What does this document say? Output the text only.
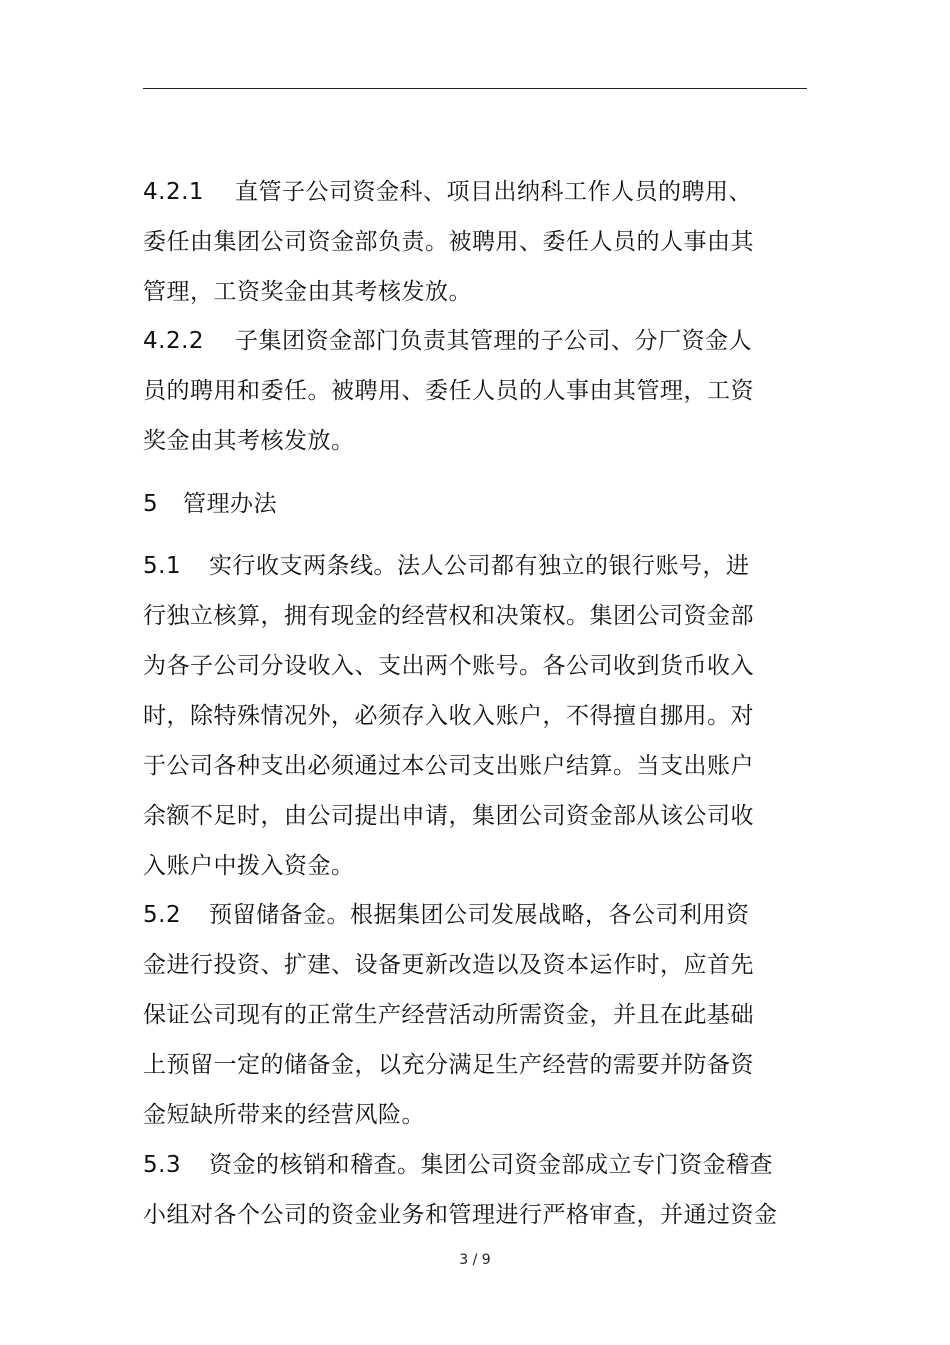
4.2.1 直管子公司资金科、项目出纳科工作人员的聘用、
委任由集团公司资金部负责。被聘用、委任人员的人事由其
管理，工资奖金由其考核发放。
4.2.2 子集团资金部门负责其管理的子公司、分厂资金人
员的聘用和委任。被聘用、委任人员的人事由其管理，工资
奖金由其考核发放。
5 管理办法
5.1 实行收支两条线。法人公司都有独立的银行账号，进
行独立核算，拥有现金的经营权和决策权。集团公司资金部
为各子公司分设收入、支出两个账号。各公司收到货币收入
时，除特殊情况外，必须存入收入账户，不得擅自挪用。对
于公司各种支出必须通过本公司支出账户结算。当支出账户
余额不足时，由公司提出申请，集团公司资金部从该公司收
入账户中拨入资金。
5.2 预留储备金。根据集团公司发展战略，各公司利用资
金进行投资、扩建、设备更新改造以及资本运作时，应首先
保证公司现有的正常生产经营活动所需资金，并且在此基础
上预留一定的储备金，以充分满足生产经营的需要并防备资
金短缺所带来的经营风险。
5.3 资金的核销和稽查。集团公司资金部成立专门资金稽查
小组对各个公司的资金业务和管理进行严格审查，并通过资金
3 / 9
